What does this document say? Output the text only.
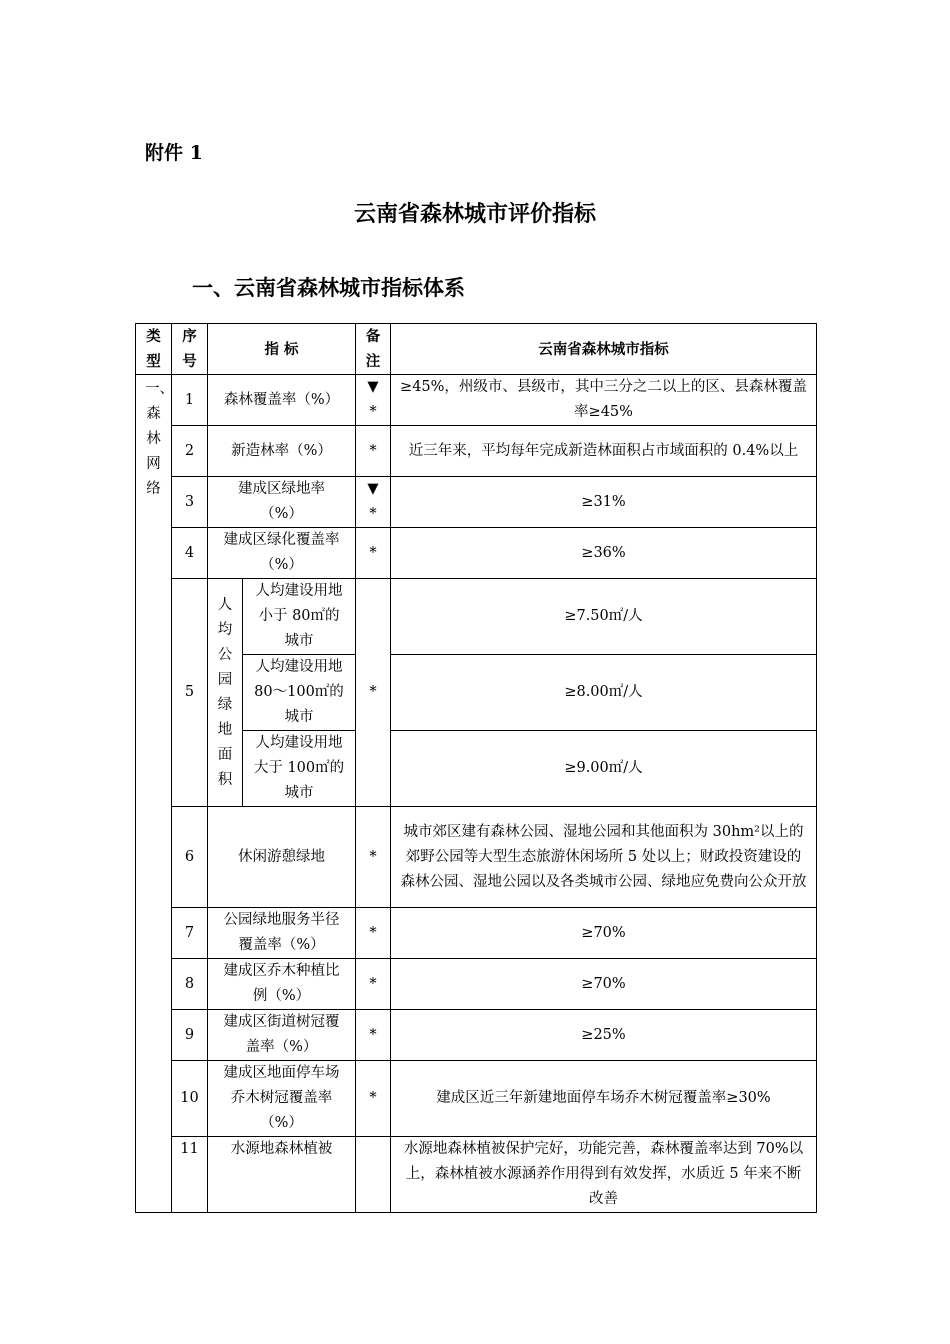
附件 1
云南省森林城市评价指标
一、云南省森林城市指标体系
类型	序号	指 标		备注	云南省森林城市指标
一、森林网络	1	森林覆盖率（%）		▼ *	≥45%，州级市、县级市，其中三分之二以上的区、县森林覆盖率≥45%
	2	新造林率（%）		*	近三年来，平均每年完成新造林面积占市域面积的 0.4%以上
	3	建成区绿地率（%）		▼ *	≥31%
	4	建成区绿化覆盖率（%）		*	≥36%
	5	人均公园绿地面积	人均建设用地小于 80㎡的城市	*	≥7.50㎡/人
			人均建设用地 80～100㎡的城市		≥8.00㎡/人
			人均建设用地大于 100㎡的城市		≥9.00㎡/人
	6	休闲游憩绿地		*	城市郊区建有森林公园、湿地公园和其他面积为 30hm²以上的郊野公园等大型生态旅游休闲场所 5 处以上；财政投资建设的森林公园、湿地公园以及各类城市公园、绿地应免费向公众开放
	7	公园绿地服务半径覆盖率（%）		*	≥70%
	8	建成区乔木种植比例（%）		*	≥70%
	9	建成区街道树冠覆盖率（%）		*	≥25%
	10	建成区地面停车场乔木树冠覆盖率（%）		*	建成区近三年新建地面停车场乔木树冠覆盖率≥30%
	11	水源地森林植被			水源地森林植被保护完好，功能完善，森林覆盖率达到 70%以上，森林植被水源涵养作用得到有效发挥，水质近 5 年来不断改善
